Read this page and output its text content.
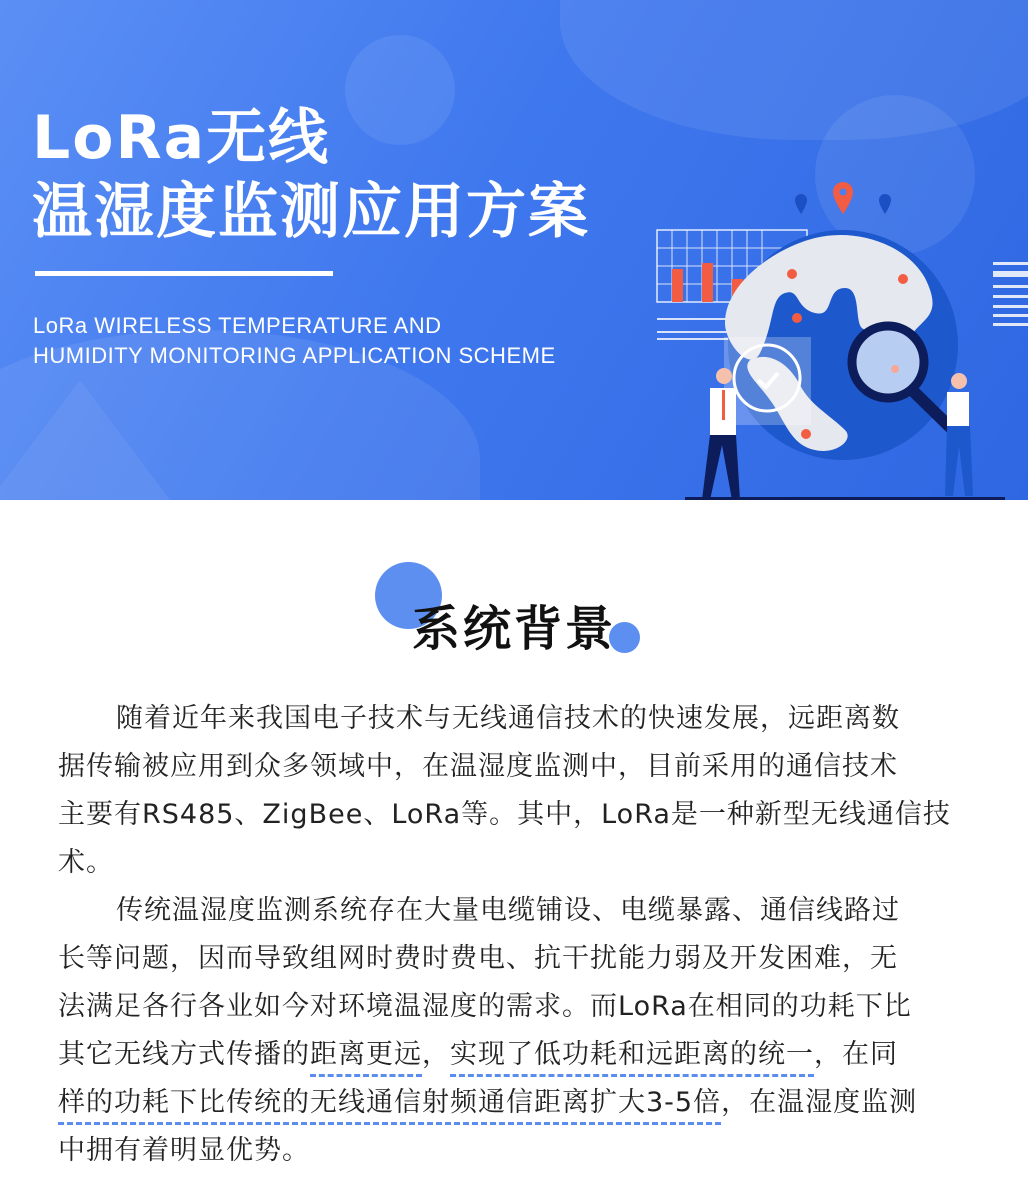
LoRa无线
温湿度监测应用方案
LoRa WIRELESS TEMPERATURE AND
HUMIDITY MONITORING APPLICATION SCHEME
系统背景
随着近年来我国电子技术与无线通信技术的快速发展，远距离数
据传输被应用到众多领域中，在温湿度监测中，目前采用的通信技术
主要有RS485、ZigBee、LoRa等。其中，LoRa是一种新型无线通信技
术。
传统温湿度监测系统存在大量电缆铺设、电缆暴露、通信线路过
长等问题，因而导致组网时费时费电、抗干扰能力弱及开发困难，无
法满足各行各业如今对环境温湿度的需求。而LoRa在相同的功耗下比
其它无线方式传播的距离更远，实现了低功耗和远距离的统一，在同
样的功耗下比传统的无线通信射频通信距离扩大3-5倍，在温湿度监测
中拥有着明显优势。
